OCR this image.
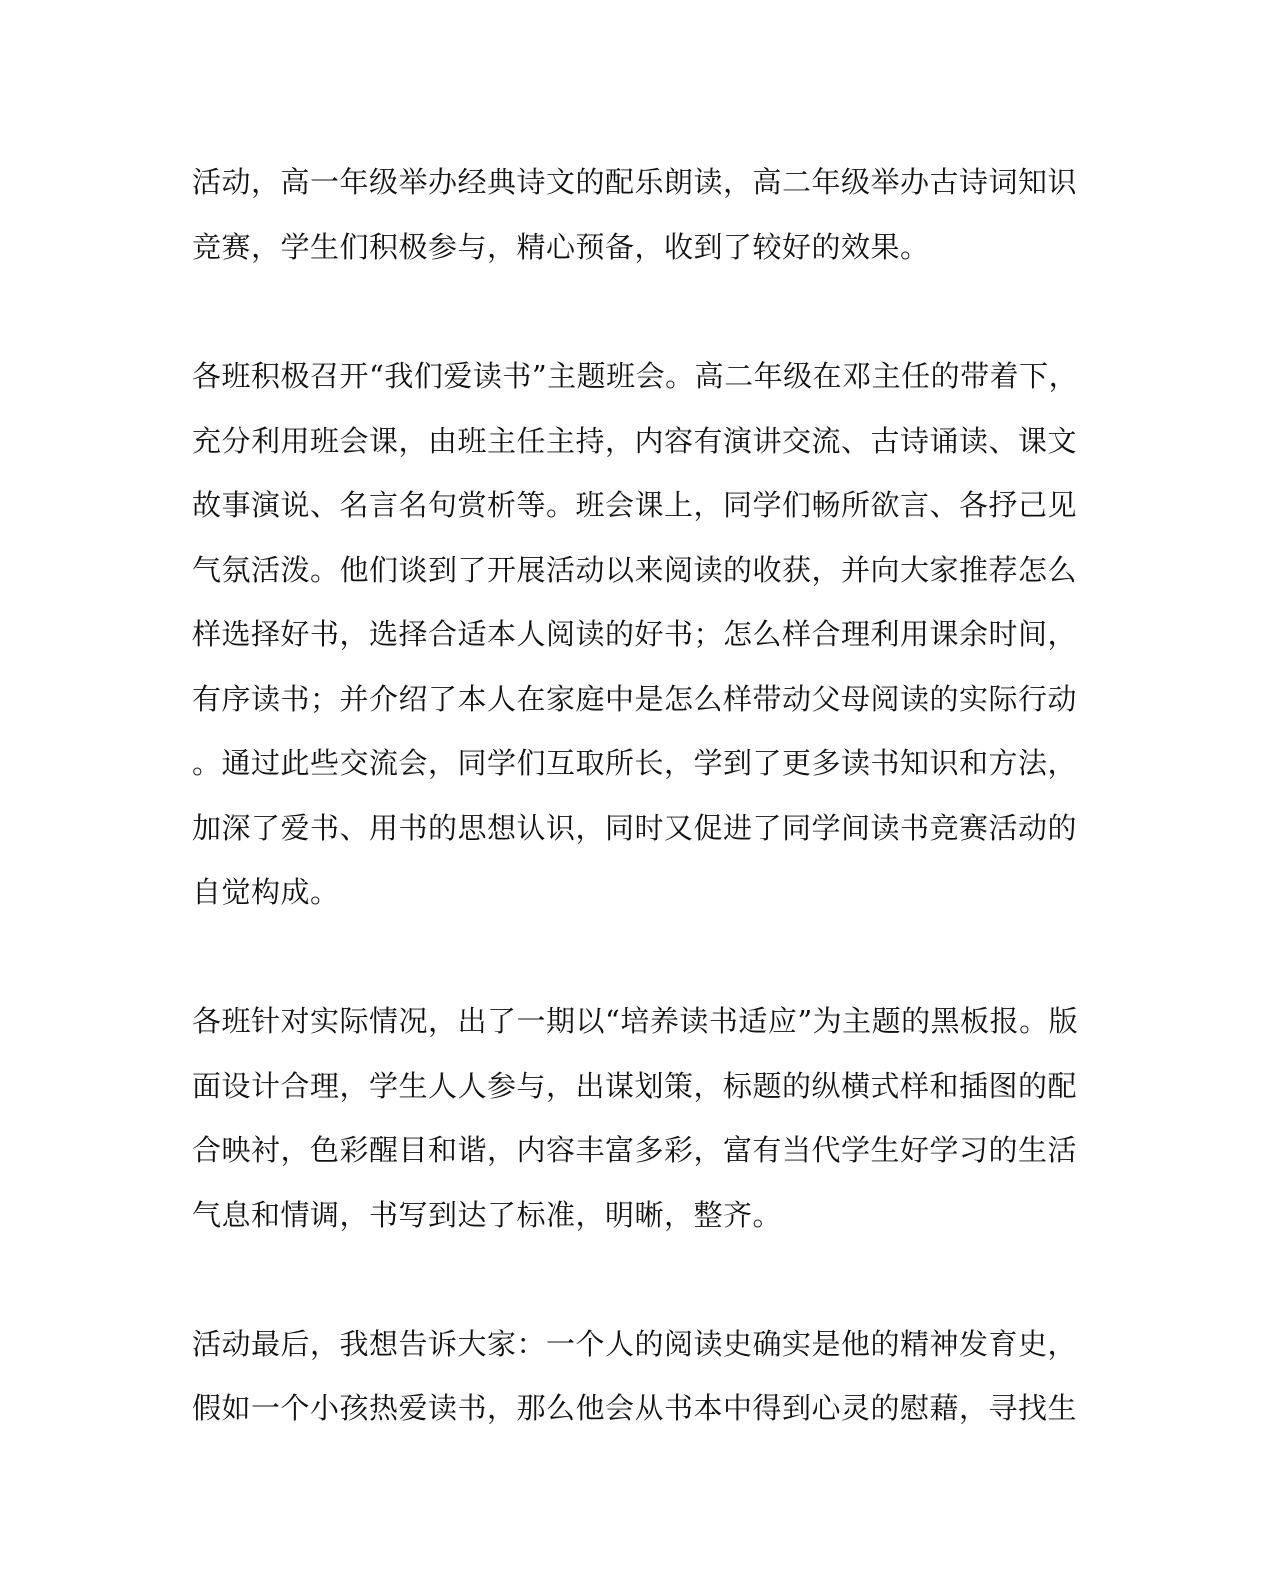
活动，高一年级举办经典诗文的配乐朗读，高二年级举办古诗词知识
竞赛，学生们积极参与，精心预备，收到了较好的效果。
各班积极召开“我们爱读书”主题班会。高二年级在邓主任的带着下，
充分利用班会课，由班主任主持，内容有演讲交流、古诗诵读、课文
故事演说、名言名句赏析等。班会课上，同学们畅所欲言、各抒己见
气氛活泼。他们谈到了开展活动以来阅读的收获，并向大家推荐怎么
样选择好书，选择合适本人阅读的好书；怎么样合理利用课余时间，
有序读书；并介绍了本人在家庭中是怎么样带动父母阅读的实际行动
。通过此些交流会，同学们互取所长，学到了更多读书知识和方法，
加深了爱书、用书的思想认识，同时又促进了同学间读书竞赛活动的
自觉构成。
各班针对实际情况，出了一期以“培养读书适应”为主题的黑板报。版
面设计合理，学生人人参与，出谋划策，标题的纵横式样和插图的配
合映衬，色彩醒目和谐，内容丰富多彩，富有当代学生好学习的生活
气息和情调，书写到达了标准，明晰，整齐。
活动最后，我想告诉大家：一个人的阅读史确实是他的精神发育史，
假如一个小孩热爱读书，那么他会从书本中得到心灵的慰藉，寻找生
